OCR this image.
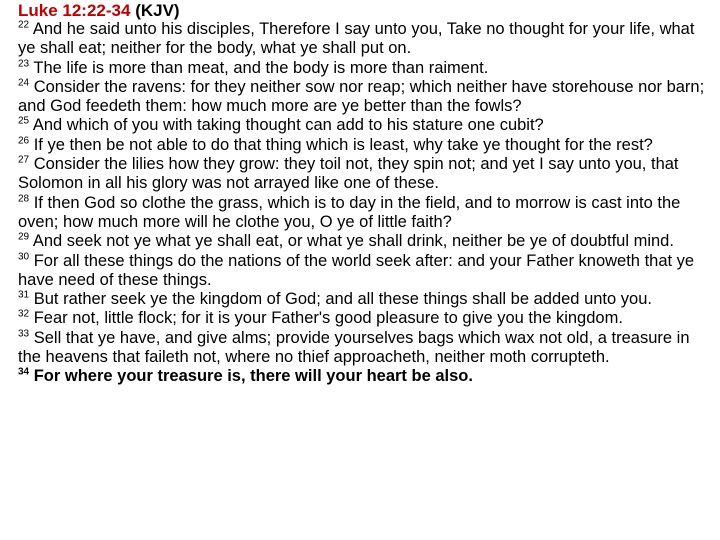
Luke 12:22-34 (KJV)
$^{22}$ And he said unto his disciples, Therefore I say unto you, Take no thought for your life, what ye shall eat; neither for the body, what ye shall put on.
$^{23}$ The life is more than meat, and the body is more than raiment.
$^{24}$ Consider the ravens: for they neither sow nor reap; which neither have storehouse nor barn; and God feedeth them: how much more are ye better than the fowls?
$^{25}$ And which of you with taking thought can add to his stature one cubit?
$^{26}$ If ye then be not able to do that thing which is least, why take ye thought for the rest?
$^{27}$ Consider the lilies how they grow: they toil not, they spin not; and yet I say unto you, that Solomon in all his glory was not arrayed like one of these.
$^{28}$ If then God so clothe the grass, which is to day in the field, and to morrow is cast into the oven; how much more will he clothe you, O ye of little faith?
$^{29}$ And seek not ye what ye shall eat, or what ye shall drink, neither be ye of doubtful mind.
$^{30}$ For all these things do the nations of the world seek after: and your Father knoweth that ye have need of these things.
$^{31}$ But rather seek ye the kingdom of God; and all these things shall be added unto you.
$^{32}$ Fear not, little flock; for it is your Father's good pleasure to give you the kingdom.
$^{33}$ Sell that ye have, and give alms; provide yourselves bags which wax not old, a treasure in the heavens that faileth not, where no thief approacheth, neither moth corrupteth.
$^{34}$ For where your treasure is, there will your heart be also.
